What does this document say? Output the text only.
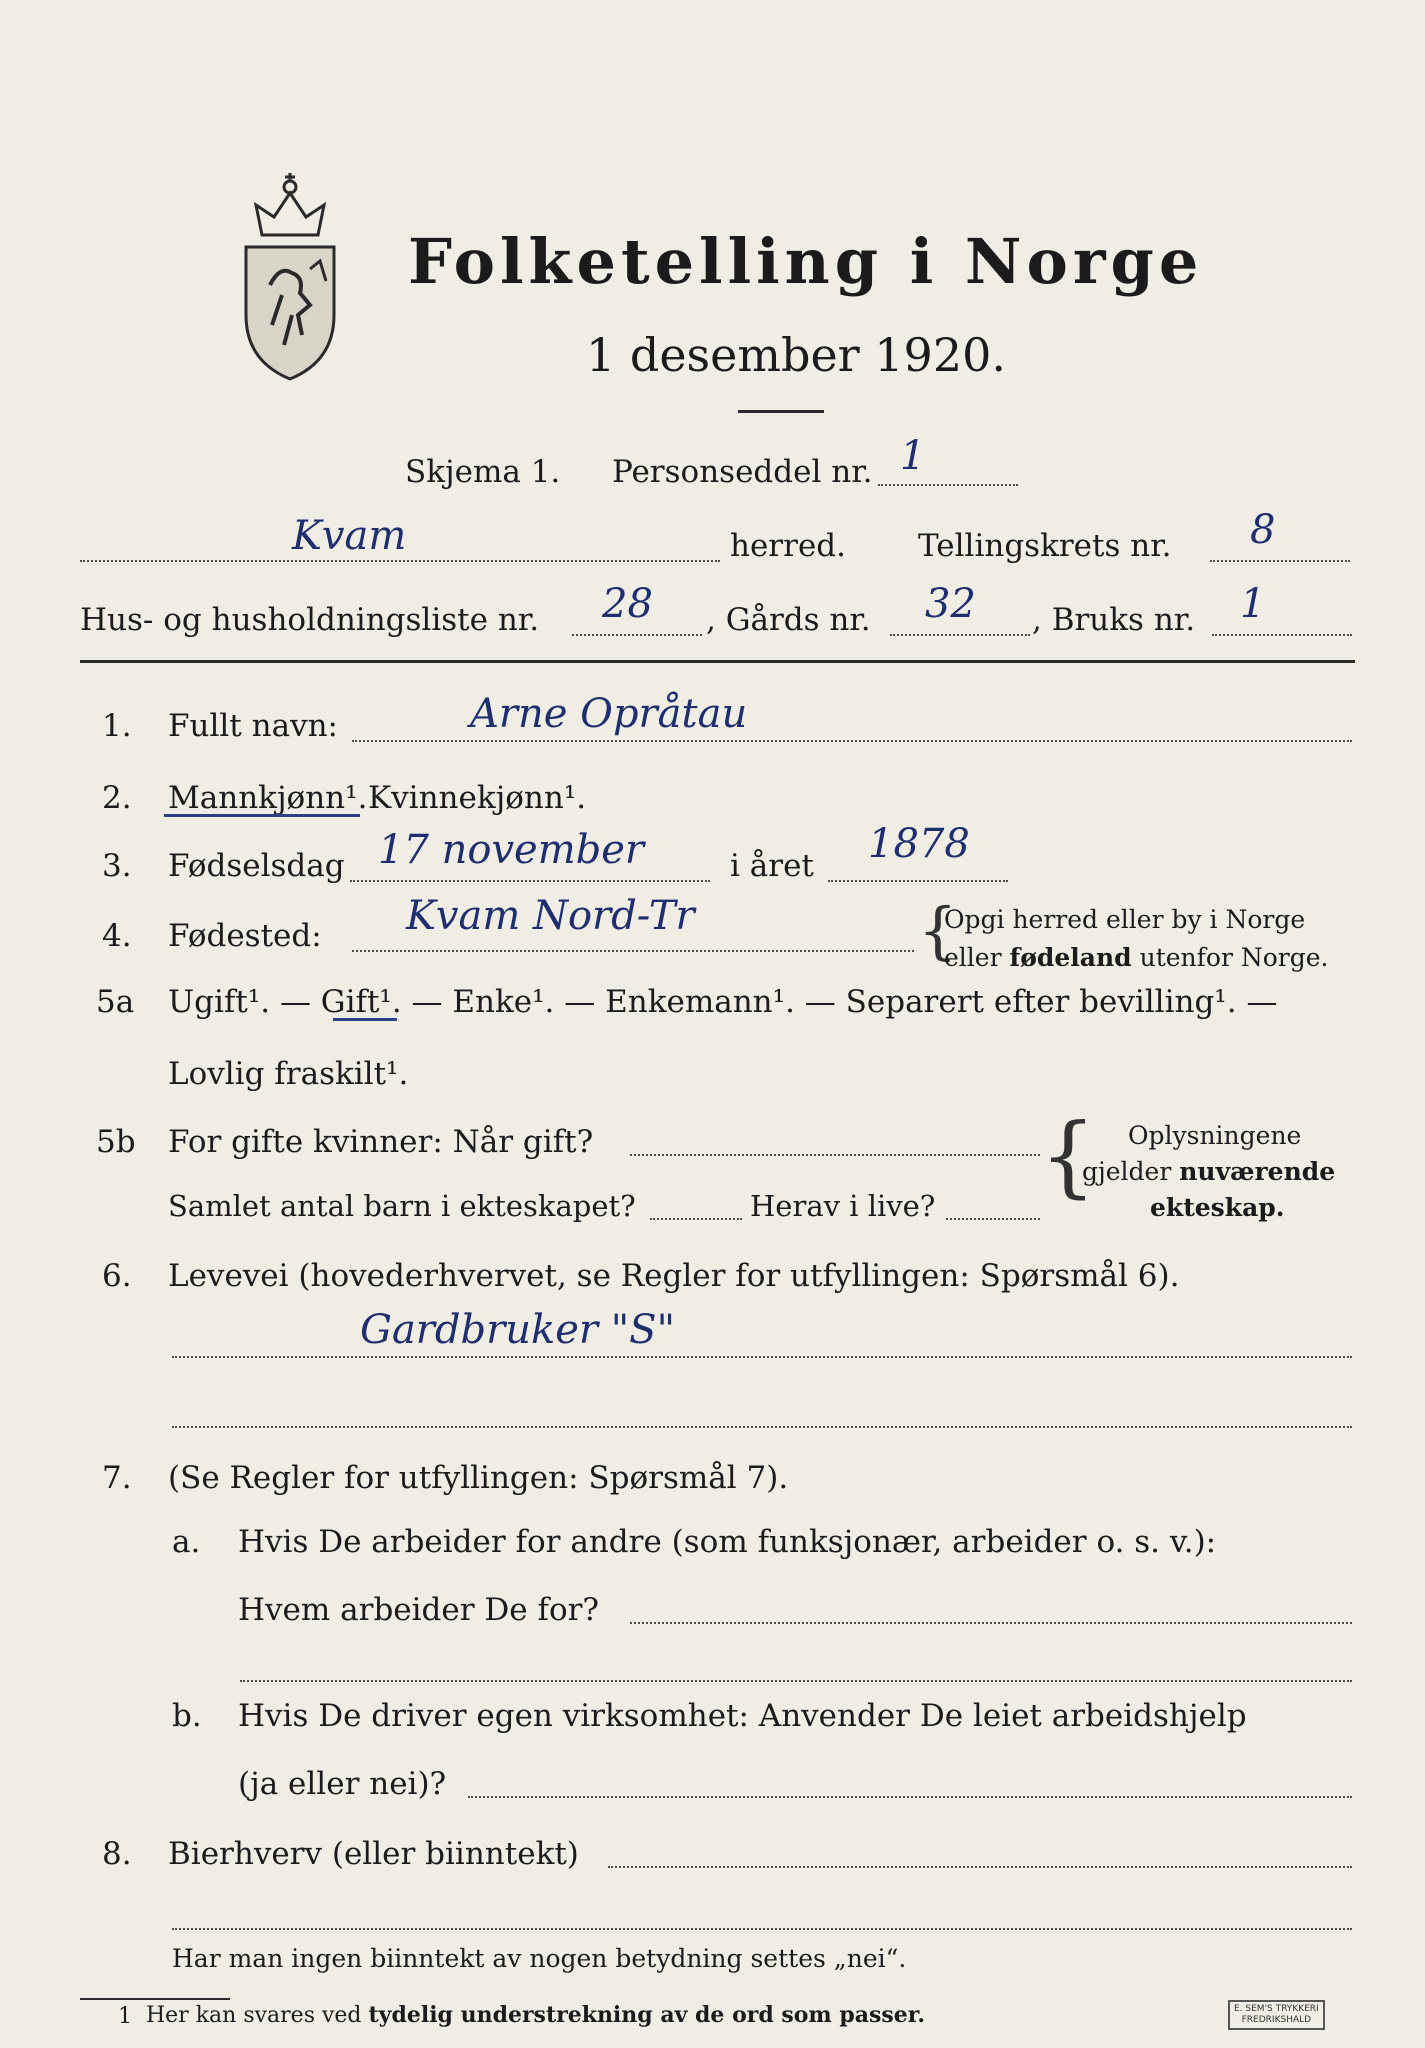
Folketelling i Norge
1 desember 1920.
Skjema 1. Personseddel nr. 1
Kvam	herred. Tellingskrets nr. 8
Hus- og husholdningsliste nr. 28 , Gårds nr. 32 , Bruks nr. 1
1. Fullt navn:	Arne Opråtau
2. Mannkjønn¹. Kvinnekjønn¹.
3. Fødselsdag 17 november	i året 1878
4. Fødested: Kvam Nord-Tr	{
Opgi herred eller by i Norge
eller fødeland utenfor Norge.
5a Ugift¹. — Gift¹. — Enke¹. — Enkemann¹. — Separert efter bevilling¹. —
Lovlig fraskilt¹.
5b For gifte kvinner: Når gift?
Samlet antal barn i ekteskapet?	Herav i live? { Oplysningene
gjelder nuværende
ekteskap.
6. Levevei (hovederhvervet, se Regler for utfyllingen: Spørsmål 6).
Gardbruker "S"
7. (Se Regler for utfyllingen: Spørsmål 7).
a. Hvis De arbeider for andre (som funksjonær, arbeider o. s. v.):
Hvem arbeider De for?
b. Hvis De driver egen virksomhet: Anvender De leiet arbeidshjelp
(ja eller nei)?
8. Bierhverv (eller biinntekt)
Har man ingen biinntekt av nogen betydning settes „nei“.
1 Her kan svares ved tydelig understrekning av de ord som passer.	E. SEM'S TRYKKERI
FREDRIKSHALD
